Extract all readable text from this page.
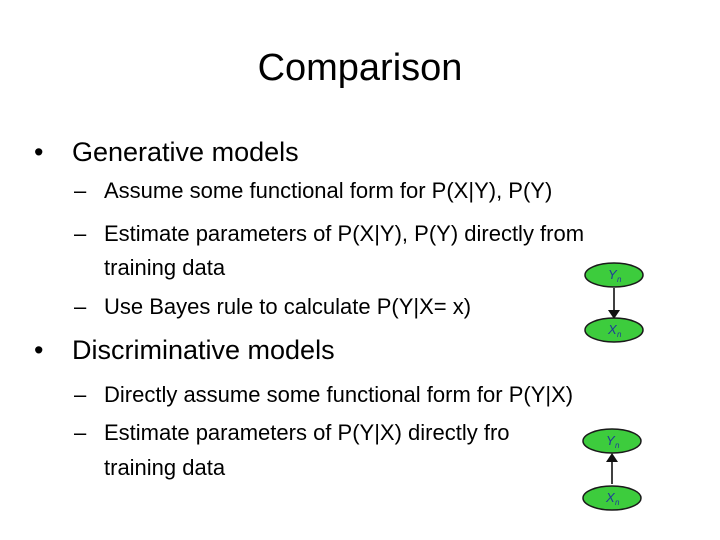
Comparison
• Generative models
– Assume some functional form for P(X|Y), P(Y)
– Estimate parameters of P(X|Y), P(Y) directly from
training data
– Use Bayes rule to calculate P(Y|X= x)
Y n
X n
• Discriminative models
– Directly assume some functional form for P(Y|X)
– Estimate parameters of P(Y|X) directly fro
training data
Y n
X n
